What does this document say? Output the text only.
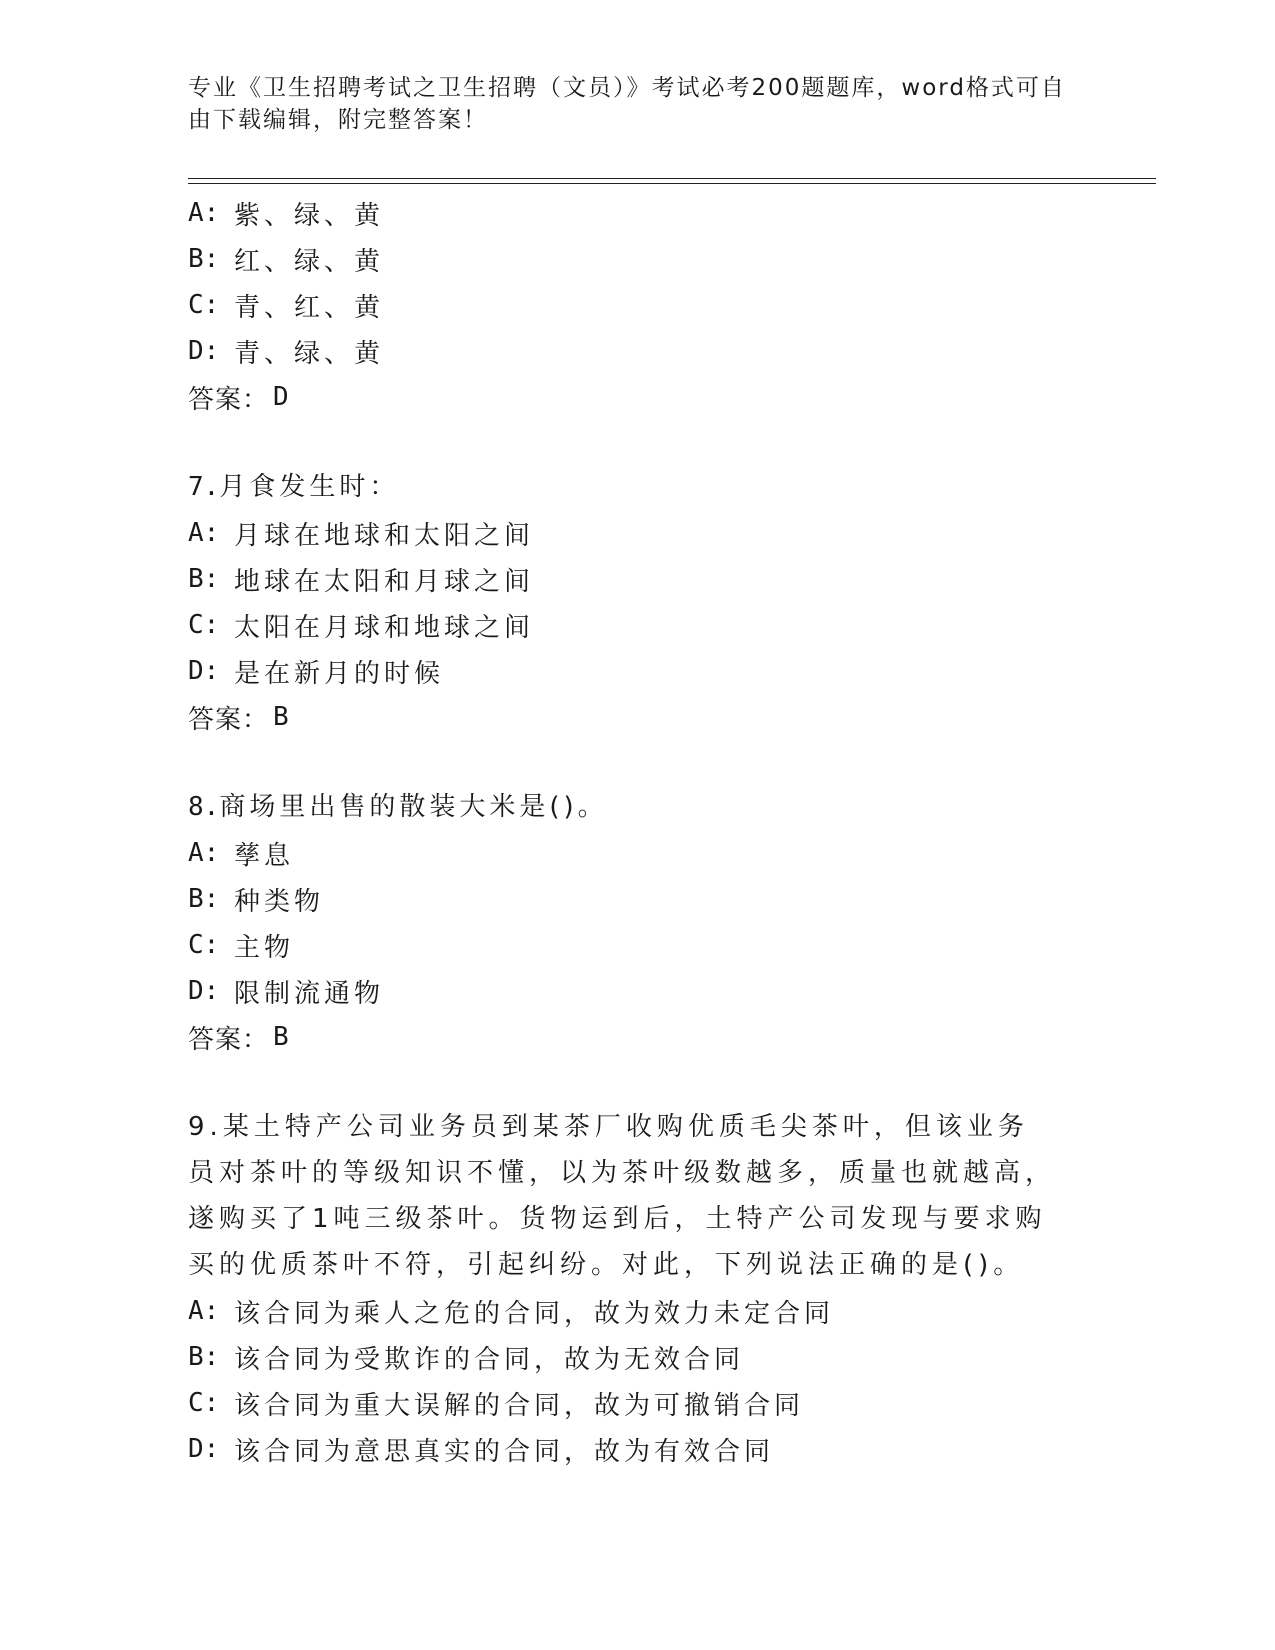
专业《卫生招聘考试之卫生招聘（文员）》考试必考200题题库，word格式可自由下载编辑，附完整答案！
A: 紫、绿、黄
B: 红、绿、黄
C: 青、红、黄
D: 青、绿、黄
答案： D
7.月食发生时：
A: 月球在地球和太阳之间
B: 地球在太阳和月球之间
C: 太阳在月球和地球之间
D: 是在新月的时候
答案： B
8.商场里出售的散装大米是()。
A: 孳息
B: 种类物
C: 主物
D: 限制流通物
答案： B
9.某土特产公司业务员到某茶厂收购优质毛尖茶叶，但该业务员对茶叶的等级知识不懂，以为茶叶级数越多，质量也就越高，遂购买了1吨三级茶叶。货物运到后，土特产公司发现与要求购买的优质茶叶不符，引起纠纷。对此，下列说法正确的是()。
A: 该合同为乘人之危的合同，故为效力未定合同
B: 该合同为受欺诈的合同，故为无效合同
C: 该合同为重大误解的合同，故为可撤销合同
D: 该合同为意思真实的合同，故为有效合同
